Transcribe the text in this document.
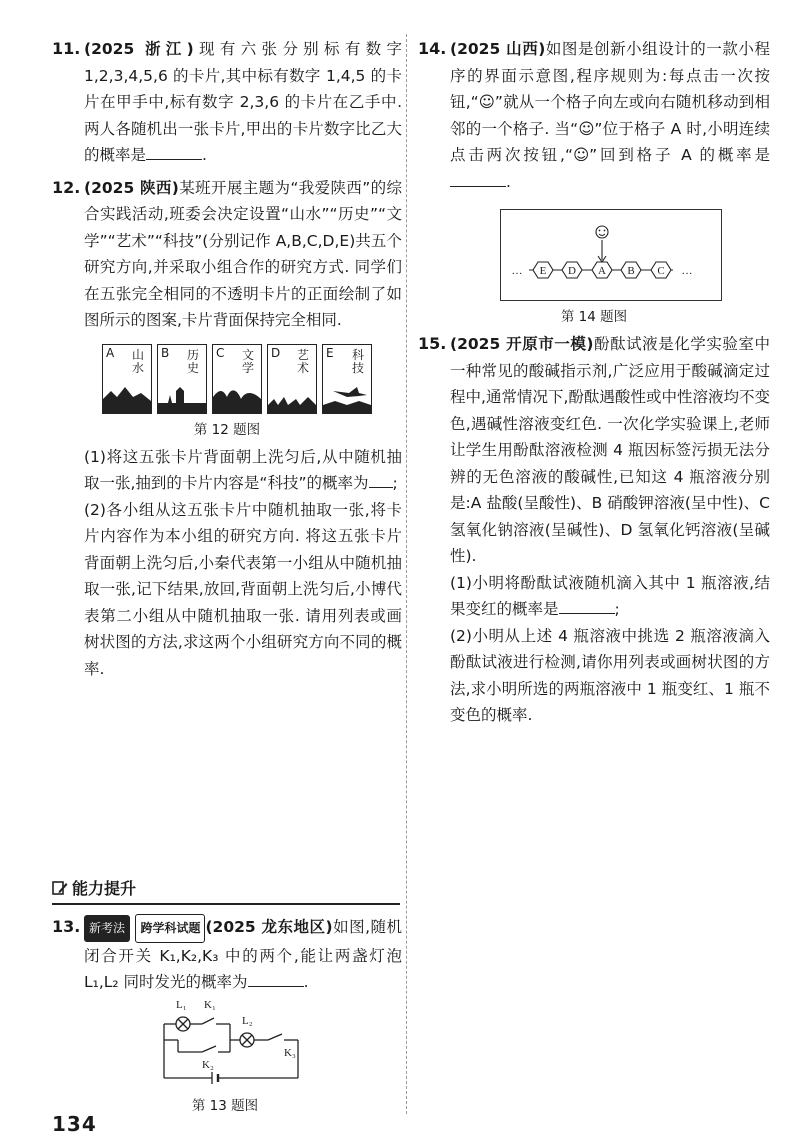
11. (2025 浙江)现有六张分别标有数字 1,2,3,4,5,6 的卡片,其中标有数字 1,4,5 的卡片在甲手中,标有数字 2,3,6 的卡片在乙手中. 两人各随机出一张卡片,甲出的卡片数字比乙大的概率是	.
12. (2025 陕西)某班开展主题为“我爱陕西”的综合实践活动,班委会决定设置“山水”“历史”“文学”“艺术”“科技”(分别记作 A,B,C,D,E)共五个研究方向,并采取小组合作的研究方式. 同学们在五张完全相同的不透明卡片的正面绘制了如图所示的图案,卡片背面保持完全相同.
A 山水
B 历史
C 文学
D 艺术
E 科技
第 12 题图
(1)将这五张卡片背面朝上洗匀后,从中随机抽取一张,抽到的卡片内容是“科技”的概率为 ;
(2)各小组从这五张卡片中随机抽取一张,将卡片内容作为本小组的研究方向. 将这五张卡片背面朝上洗匀后,小秦代表第一小组从中随机抽取一张,记下结果,放回,背面朝上洗匀后,小博代表第二小组从中随机抽取一张. 请用列表或画树状图的方法,求这两个小组研究方向不同的概率.
能力提升
13. 新考法 跨学科试题 (2025 龙东地区)如图,随机闭合开关 K₁,K₂,K₃ 中的两个,能让两盏灯泡 L₁,L₂ 同时发光的概率为	.
L₁ K₁
L₂
K₂
K₃
第 13 题图
134
14. (2025 山西)如图是创新小组设计的一款小程序的界面示意图,程序规则为:每点击一次按钮,“☺”就从一个格子向左或向右随机移动到相邻的一个格子. 当“☺”位于格子 A 时,小明连续点击两次按钮,“☺”回到格子 A 的概率是.
E D A B C
…	…
第 14 题图
15. (2025 开原市一模)酚酞试液是化学实验室中一种常见的酸碱指示剂,广泛应用于酸碱滴定过程中,通常情况下,酚酞遇酸性或中性溶液均不变色,遇碱性溶液变红色. 一次化学实验课上,老师让学生用酚酞溶液检测 4 瓶因标签污损无法分辨的无色溶液的酸碱性,已知这 4 瓶溶液分别是:A 盐酸(呈酸性)、B 硝酸钾溶液(呈中性)、C 氢氧化钠溶液(呈碱性)、D 氢氧化钙溶液(呈碱性).
(1)小明将酚酞试液随机滴入其中 1 瓶溶液,结果变红的概率是	;
(2)小明从上述 4 瓶溶液中挑选 2 瓶溶液滴入酚酞试液进行检测,请你用列表或画树状图的方法,求小明所选的两瓶溶液中 1 瓶变红、1 瓶不变色的概率.
